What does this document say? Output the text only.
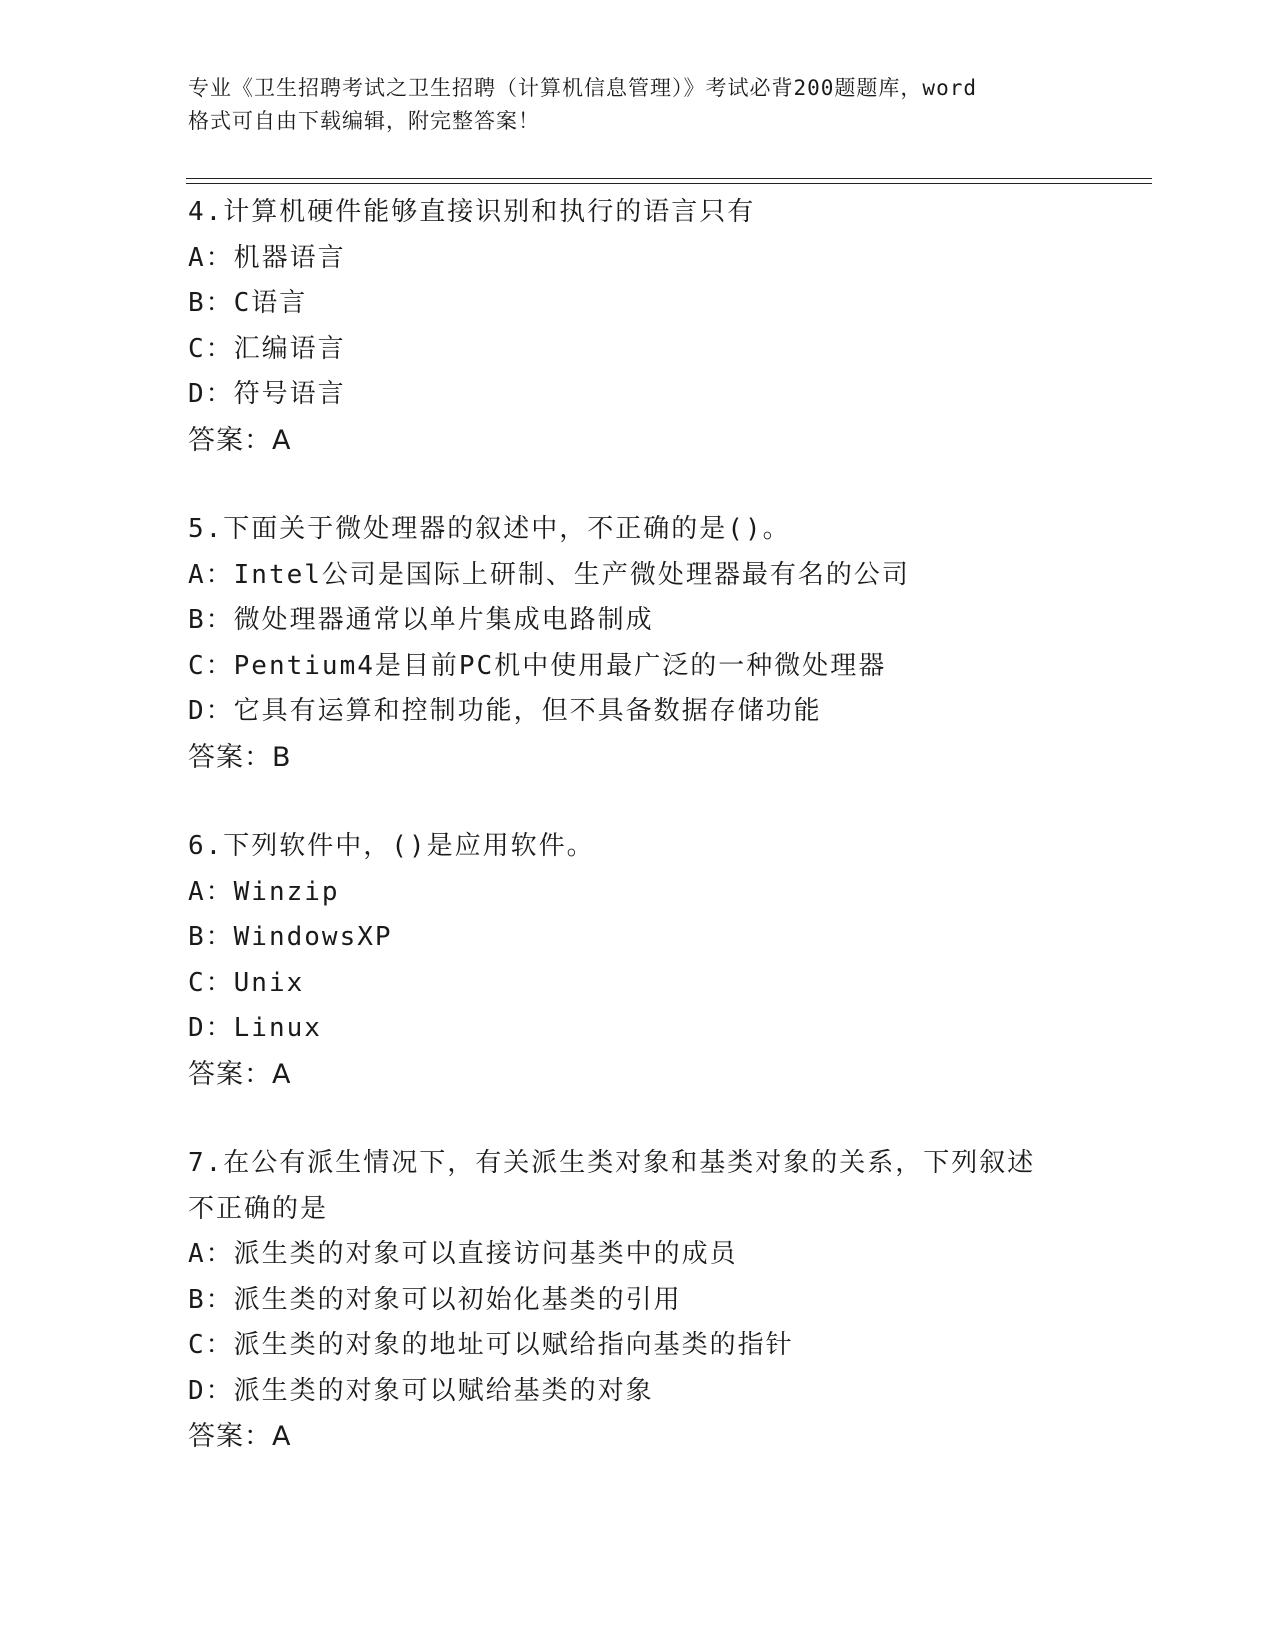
专业《卫生招聘考试之卫生招聘（计算机信息管理）》考试必背200题题库，word
格式可自由下载编辑，附完整答案！
4.计算机硬件能够直接识别和执行的语言只有
A：机器语言
B：C语言
C：汇编语言
D：符号语言
答案：A
5.下面关于微处理器的叙述中，不正确的是()。
A：Intel公司是国际上研制、生产微处理器最有名的公司
B：微处理器通常以单片集成电路制成
C：Pentium4是目前PC机中使用最广泛的一种微处理器
D：它具有运算和控制功能，但不具备数据存储功能
答案：B
6.下列软件中，()是应用软件。
A：Winzip
B：WindowsXP
C：Unix
D：Linux
答案：A
7.在公有派生情况下，有关派生类对象和基类对象的关系，下列叙述
不正确的是
A：派生类的对象可以直接访问基类中的成员
B：派生类的对象可以初始化基类的引用
C：派生类的对象的地址可以赋给指向基类的指针
D：派生类的对象可以赋给基类的对象
答案：A
